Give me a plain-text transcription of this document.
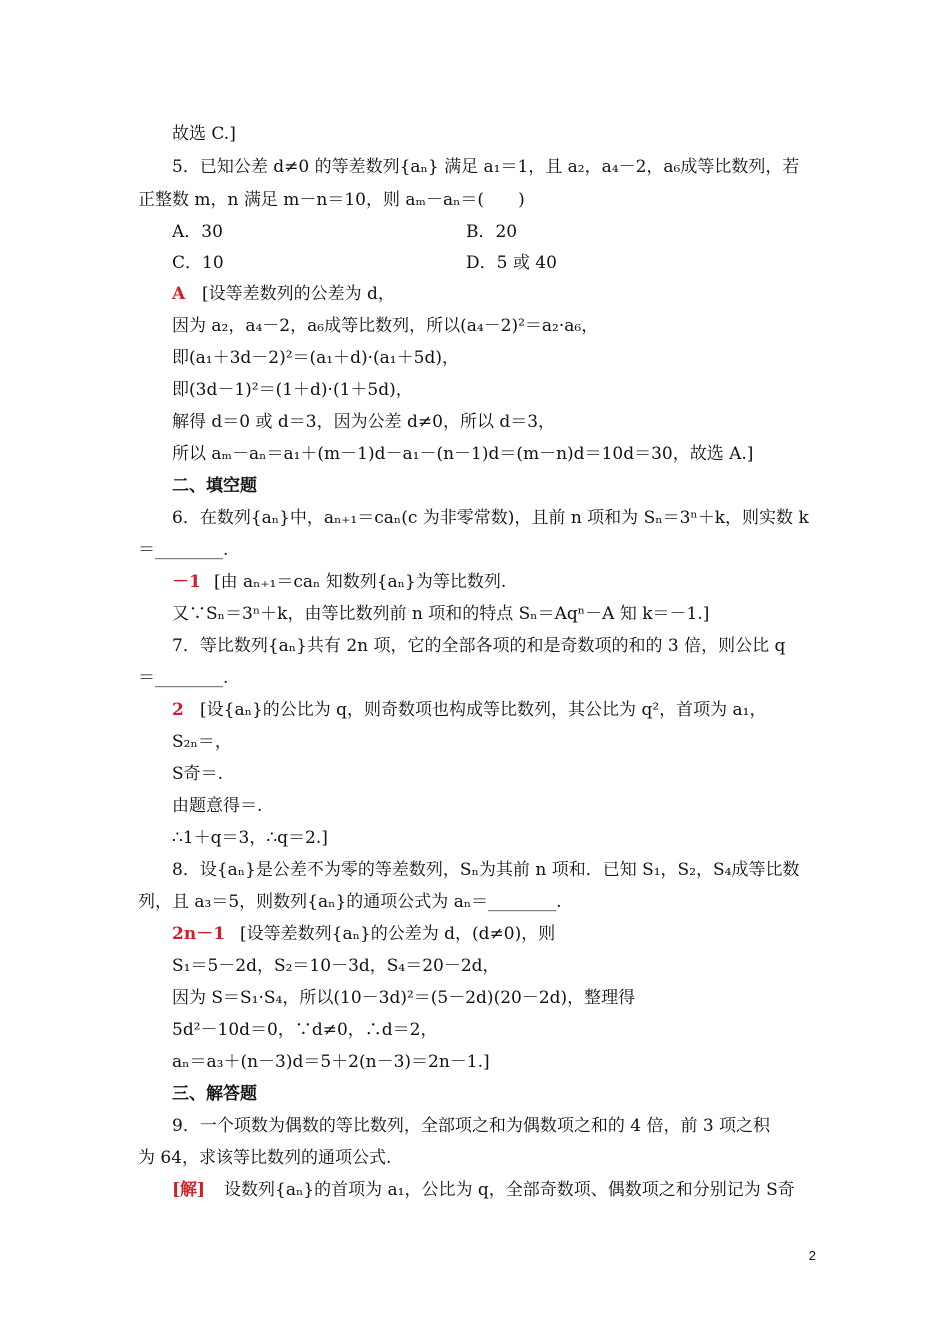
故选 C.]
5．已知公差 d≠0 的等差数列{aₙ} 满足 a₁＝1，且 a₂，a₄－2，a₆成等比数列，若
正整数 m，n 满足 m－n＝10，则 aₘ－aₙ＝(　　)
A [设等差数列的公差为 d，
因为 a₂，a₄－2，a₆成等比数列，所以(a₄－2)²＝a₂·a₆，
即(a₁＋3d－2)²＝(a₁＋d)·(a₁＋5d)，
即(3d－1)²＝(1＋d)·(1＋5d)，
解得 d＝0 或 d＝3，因为公差 d≠0，所以 d＝3，
所以 aₘ－aₙ＝a₁＋(m－1)d－a₁－(n－1)d＝(m－n)d＝10d＝30，故选 A.]
二、填空题
6．在数列{aₙ}中，aₙ₊₁＝caₙ(c 为非零常数)，且前 n 项和为 Sₙ＝3ⁿ＋k，则实数 k
＝________.
－1 [由 aₙ₊₁＝caₙ 知数列{aₙ}为等比数列.
又∵Sₙ＝3ⁿ＋k，由等比数列前 n 项和的特点 Sₙ＝Aqⁿ－A 知 k＝－1.]
7．等比数列{aₙ}共有 2n 项，它的全部各项的和是奇数项的和的 3 倍，则公比 q
＝________.
2 [设{aₙ}的公比为 q，则奇数项也构成等比数列，其公比为 q²，首项为 a₁，
S₂ₙ＝，
S奇＝.
由题意得＝.
∴1＋q＝3，∴q＝2.]
8．设{aₙ}是公差不为零的等差数列，Sₙ为其前 n 项和．已知 S₁，S₂，S₄成等比数
列，且 a₃＝5，则数列{aₙ}的通项公式为 aₙ＝________.
2n－1 [设等差数列{aₙ}的公差为 d，(d≠0)，则
S₁＝5－2d，S₂＝10－3d，S₄＝20－2d，
因为 S＝S₁·S₄，所以(10－3d)²＝(5－2d)(20－2d)，整理得
5d²－10d＝0，∵d≠0，∴d＝2，
aₙ＝a₃＋(n－3)d＝5＋2(n－3)＝2n－1.]
三、解答题
9．一个项数为偶数的等比数列，全部项之和为偶数项之和的 4 倍，前 3 项之积
为 64，求该等比数列的通项公式.
[解] 设数列{aₙ}的首项为 a₁，公比为 q，全部奇数项、偶数项之和分别记为 S奇
A．30	B．20
C．10	D．5 或 40
2
